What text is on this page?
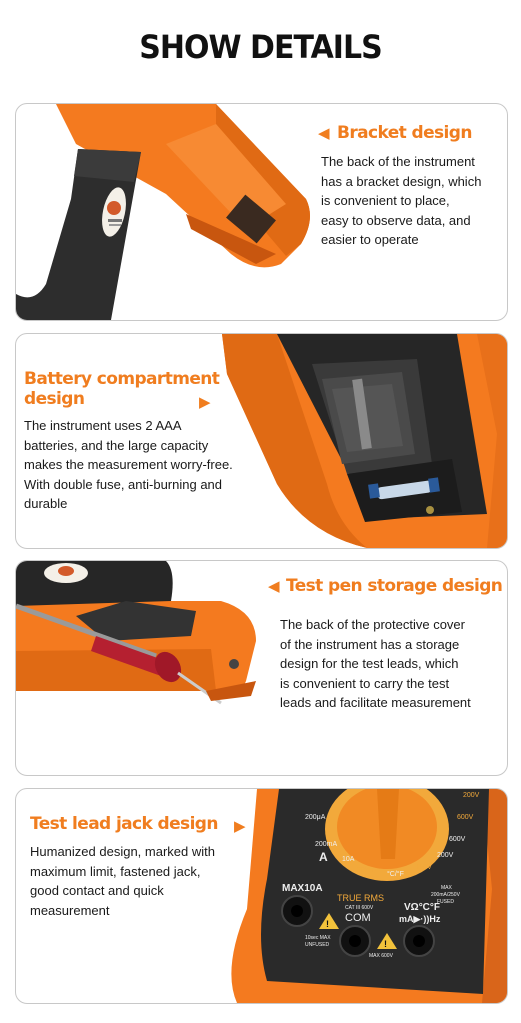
SHOW DETAILS
◀ Bracket design
The back of the instrument
has a bracket design, which
is convenient to place,
easy to observe data, and
easier to operate
Battery compartment
design	▶
The instrument uses 2 AAA
batteries, and the large capacity
makes the measurement worry-free.
With double fuse, anti-burning and
durable
◀ Test pen storage design
The back of the protective cover
of the instrument has a storage
design for the test leads, which
is convenient to carry the test
leads and facilitate measurement
Test lead jack design ▶
Humanized design, marked with
maximum limit, fastened jack,
good contact and quick
measurement
200μA
200mA
A 10A
20kHz
°C/°F
NCV
200V
600V
600V
200V
MAX10A
TRUE RMS
CAT III 600V
COM
VΩ°C°F
mA▶·))Hz
MAX
200mA/250V
FUSED
!
!
10sec MAX
UNFUSED
MAX 600V
